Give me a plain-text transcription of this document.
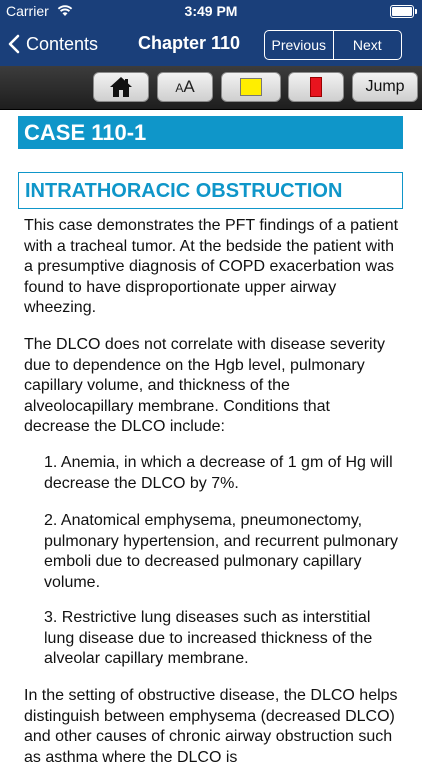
Carrier	3:49 PM
Contents Chapter 110	Previous	Next
AA	Jump
CASE 110-1
INTRATHORACIC OBSTRUCTION

This case demonstrates the PFT findings of a patient with a tracheal tumor. At the bedside the patient with a presumptive diagnosis of COPD exacerbation was found to have disproportionate upper airway wheezing.

The DLCO does not correlate with disease severity due to dependence on the Hgb level, pulmonary capillary volume, and thickness of the alveolocapillary membrane. Conditions that decrease the DLCO include:

1. Anemia, in which a decrease of 1 gm of Hg will decrease the DLCO by 7%.

2. Anatomical emphysema, pneumonectomy, pulmonary hypertension, and recurrent pulmonary emboli due to decreased pulmonary capillary volume.

3. Restrictive lung diseases such as interstitial lung disease due to increased thickness of the alveolar capillary membrane.

In the setting of obstructive disease, the DLCO helps distinguish between emphysema (decreased DLCO) and other causes of chronic airway obstruction such as asthma where the DLCO is
